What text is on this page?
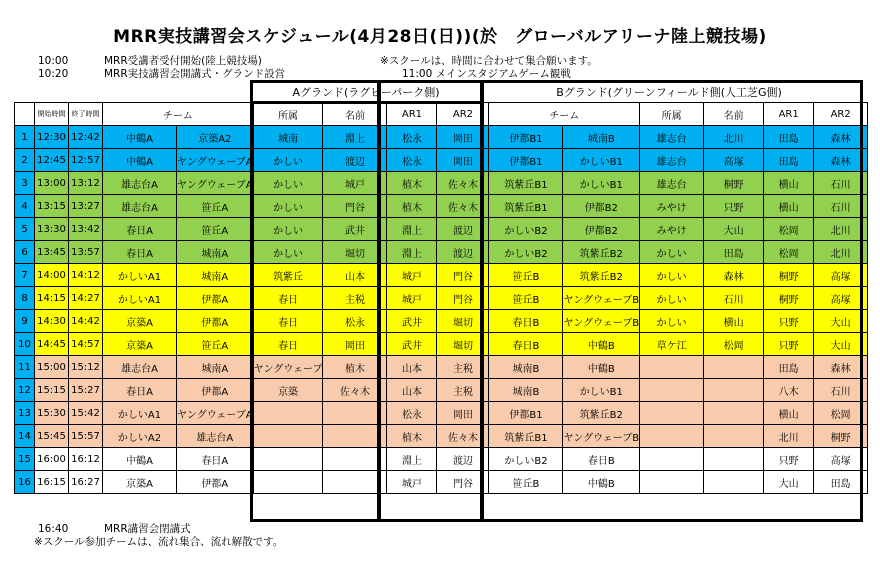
MRR実技講習会スケジュール(4月28日(日))(於　グローバルアリーナ陸上競技場)
10:00	MRR受講者受付開始(陸上競技場)	※スクールは、時間に合わせて集合願います。
10:20	MRR実技講習会開講式・グランド設営	11:00 メインスタジアムゲーム観戦
Aグランド(ラグビーパーク側)	Bグランド(グリーンフィールド側(人工芝G側)
	開始時間	終了時間	チーム		所属	名前	AR1	AR2	チーム		所属	名前	AR1	AR2
1	12:30	12:42	中鶴A	京築A2	城南	淵上	松永	岡田	伊都B1	城南B	雄志台	北川	田島	森林
2	12:45	12:57	中鶴A	ヤングウェーブA	かしい	渡辺	松永	岡田	伊都B1	かしいB1	雄志台	高塚	田島	森林
3	13:00	13:12	雄志台A	ヤングウェーブA	かしい	城戸	植木	佐々木	筑紫丘B1	かしいB1	雄志台	桐野	横山	石川
4	13:15	13:27	雄志台A	笹丘A	かしい	門谷	植木	佐々木	筑紫丘B1	伊都B2	みやけ	只野	横山	石川
5	13:30	13:42	春日A	笹丘A	かしい	武井	淵上	渡辺	かしいB2	伊都B2	みやけ	大山	松岡	北川
6	13:45	13:57	春日A	城南A	かしい	堀切	淵上	渡辺	かしいB2	筑紫丘B2	かしい	田島	松岡	北川
7	14:00	14:12	かしいA1	城南A	筑紫丘	山本	城戸	門谷	笹丘B	筑紫丘B2	かしい	森林	桐野	高塚
8	14:15	14:27	かしいA1	伊都A	春日	主税	城戸	門谷	笹丘B	ヤングウェーブB	かしい	石川	桐野	高塚
9	14:30	14:42	京築A	伊都A	春日	松永	武井	堀切	春日B	ヤングウェーブB	かしい	横山	只野	大山
10	14:45	14:57	京築A	笹丘A	春日	岡田	武井	堀切	春日B	中鶴B	草ケ江	松岡	只野	大山
11	15:00	15:12	雄志台A	城南A	ヤングウェーブ	植木	山本	主税	城南B	中鶴B			田島	森林
12	15:15	15:27	春日A	伊都A	京築	佐々木	山本	主税	城南B	かしいB1			八木	石川
13	15:30	15:42	かしいA1	ヤングウェーブA			松永	岡田	伊都B1	筑紫丘B2			横山	松岡
14	15:45	15:57	かしいA2	雄志台A			植木	佐々木	筑紫丘B1	ヤングウェーブB			北川	桐野
15	16:00	16:12	中鶴A	春日A			淵上	渡辺	かしいB2	春日B			只野	高塚
16	16:15	16:27	京築A	伊都A			城戸	門谷	笹丘B	中鶴B			大山	田島
16:40	MRR講習会閉講式
※スクール参加チームは、流れ集合、流れ解散です。
